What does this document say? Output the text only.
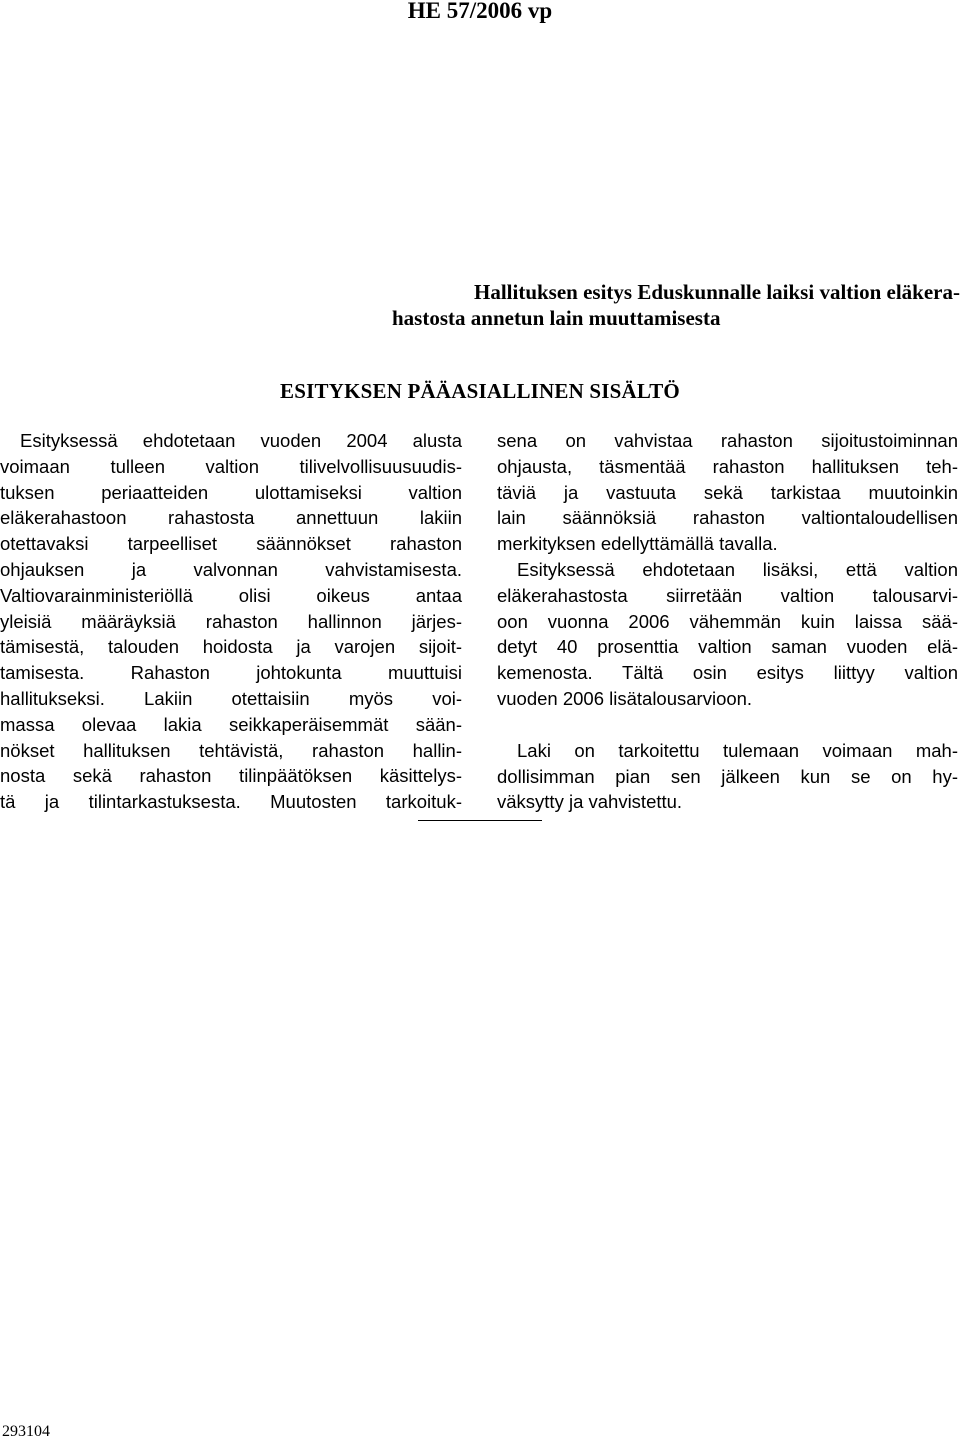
HE 57/2006 vp
Hallituksen esitys Eduskunnalle laiksi valtion eläkera-
hastosta annetun lain muuttamisesta
ESITYKSEN PÄÄASIALLINEN SISÄLTÖ
Esityksessä ehdotetaan vuoden 2004 alusta
voimaan tulleen valtion tilivelvollisuusuudis-
tuksen periaatteiden ulottamiseksi valtion
eläkerahastoon rahastosta annettuun lakiin
otettavaksi tarpeelliset säännökset rahaston
ohjauksen ja valvonnan vahvistamisesta.
Valtiovarainministeriöllä olisi oikeus antaa
yleisiä määräyksiä rahaston hallinnon järjes-
tämisestä, talouden hoidosta ja varojen sijoit-
tamisesta. Rahaston johtokunta muuttuisi
hallitukseksi. Lakiin otettaisiin myös voi-
massa olevaa lakia seikkaperäisemmät sään-
nökset hallituksen tehtävistä, rahaston hallin-
nosta sekä rahaston tilinpäätöksen käsittelys-
tä ja tilintarkastuksesta. Muutosten tarkoituk-
sena on vahvistaa rahaston sijoitustoiminnan
ohjausta, täsmentää rahaston hallituksen teh-
täviä ja vastuuta sekä tarkistaa muutoinkin
lain säännöksiä rahaston valtiontaloudellisen
merkityksen edellyttämällä tavalla.
Esityksessä ehdotetaan lisäksi, että valtion
eläkerahastosta siirretään valtion talousarvi-
oon vuonna 2006 vähemmän kuin laissa sää-
detyt 40 prosenttia valtion saman vuoden elä-
kemenosta. Tältä osin esitys liittyy valtion
vuoden 2006 lisätalousarvioon.
Laki on tarkoitettu tulemaan voimaan mah-
dollisimman pian sen jälkeen kun se on hy-
väksytty ja vahvistettu.
293104
